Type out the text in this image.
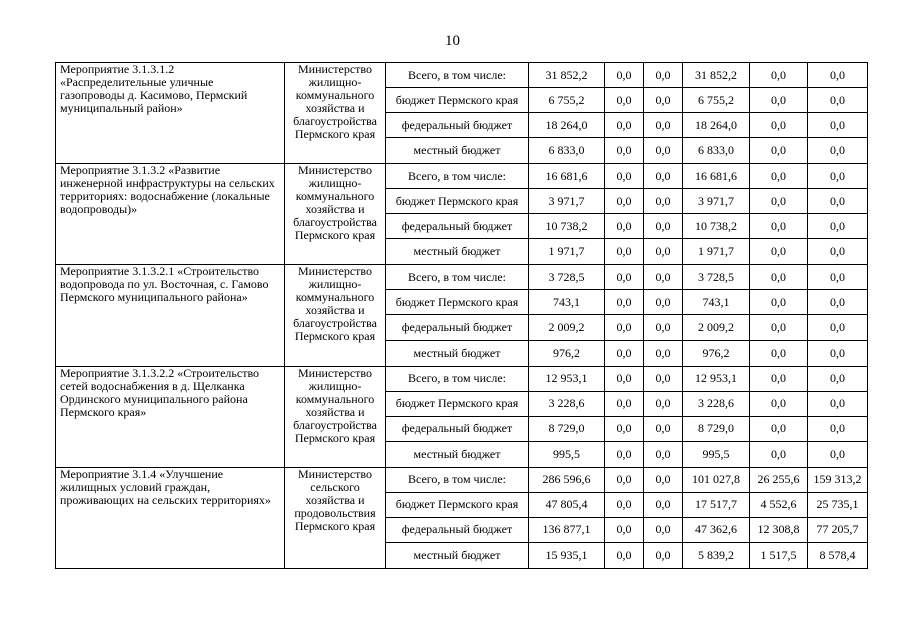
10
Мероприятие 3.1.3.1.2 «Распределительные уличные газопроводы д. Касимово, Пермский муниципальный район»	Министерство жилищно-коммунального хозяйства и благоустройства Пермского края	Всего, в том числе:	31 852,2	0,0	0,0	31 852,2	0,0	0,0
		бюджет Пермского края	6 755,2	0,0	0,0	6 755,2	0,0	0,0
		федеральный бюджет	18 264,0	0,0	0,0	18 264,0	0,0	0,0
		местный бюджет	6 833,0	0,0	0,0	6 833,0	0,0	0,0
Мероприятие 3.1.3.2 «Развитие инженерной инфраструктуры на сельских территориях: водоснабжение (локальные водопроводы)»	Министерство жилищно-коммунального хозяйства и благоустройства Пермского края	Всего, в том числе:	16 681,6	0,0	0,0	16 681,6	0,0	0,0
		бюджет Пермского края	3 971,7	0,0	0,0	3 971,7	0,0	0,0
		федеральный бюджет	10 738,2	0,0	0,0	10 738,2	0,0	0,0
		местный бюджет	1 971,7	0,0	0,0	1 971,7	0,0	0,0
Мероприятие 3.1.3.2.1 «Строительство водопровода по ул. Восточная, с. Гамово Пермского муниципального района»	Министерство жилищно-коммунального хозяйства и благоустройства Пермского края	Всего, в том числе:	3 728,5	0,0	0,0	3 728,5	0,0	0,0
		бюджет Пермского края	743,1	0,0	0,0	743,1	0,0	0,0
		федеральный бюджет	2 009,2	0,0	0,0	2 009,2	0,0	0,0
		местный бюджет	976,2	0,0	0,0	976,2	0,0	0,0
Мероприятие 3.1.3.2.2 «Строительство сетей водоснабжения в д. Щелканка Ординского муниципального района Пермского края»	Министерство жилищно-коммунального хозяйства и благоустройства Пермского края	Всего, в том числе:	12 953,1	0,0	0,0	12 953,1	0,0	0,0
		бюджет Пермского края	3 228,6	0,0	0,0	3 228,6	0,0	0,0
		федеральный бюджет	8 729,0	0,0	0,0	8 729,0	0,0	0,0
		местный бюджет	995,5	0,0	0,0	995,5	0,0	0,0
Мероприятие 3.1.4 «Улучшение жилищных условий граждан, проживающих на сельских территориях»	Министерство сельского хозяйства и продовольствия Пермского края	Всего, в том числе:	286 596,6	0,0	0,0	101 027,8	26 255,6	159 313,2
		бюджет Пермского края	47 805,4	0,0	0,0	17 517,7	4 552,6	25 735,1
		федеральный бюджет	136 877,1	0,0	0,0	47 362,6	12 308,8	77 205,7
		местный бюджет	15 935,1	0,0	0,0	5 839,2	1 517,5	8 578,4
